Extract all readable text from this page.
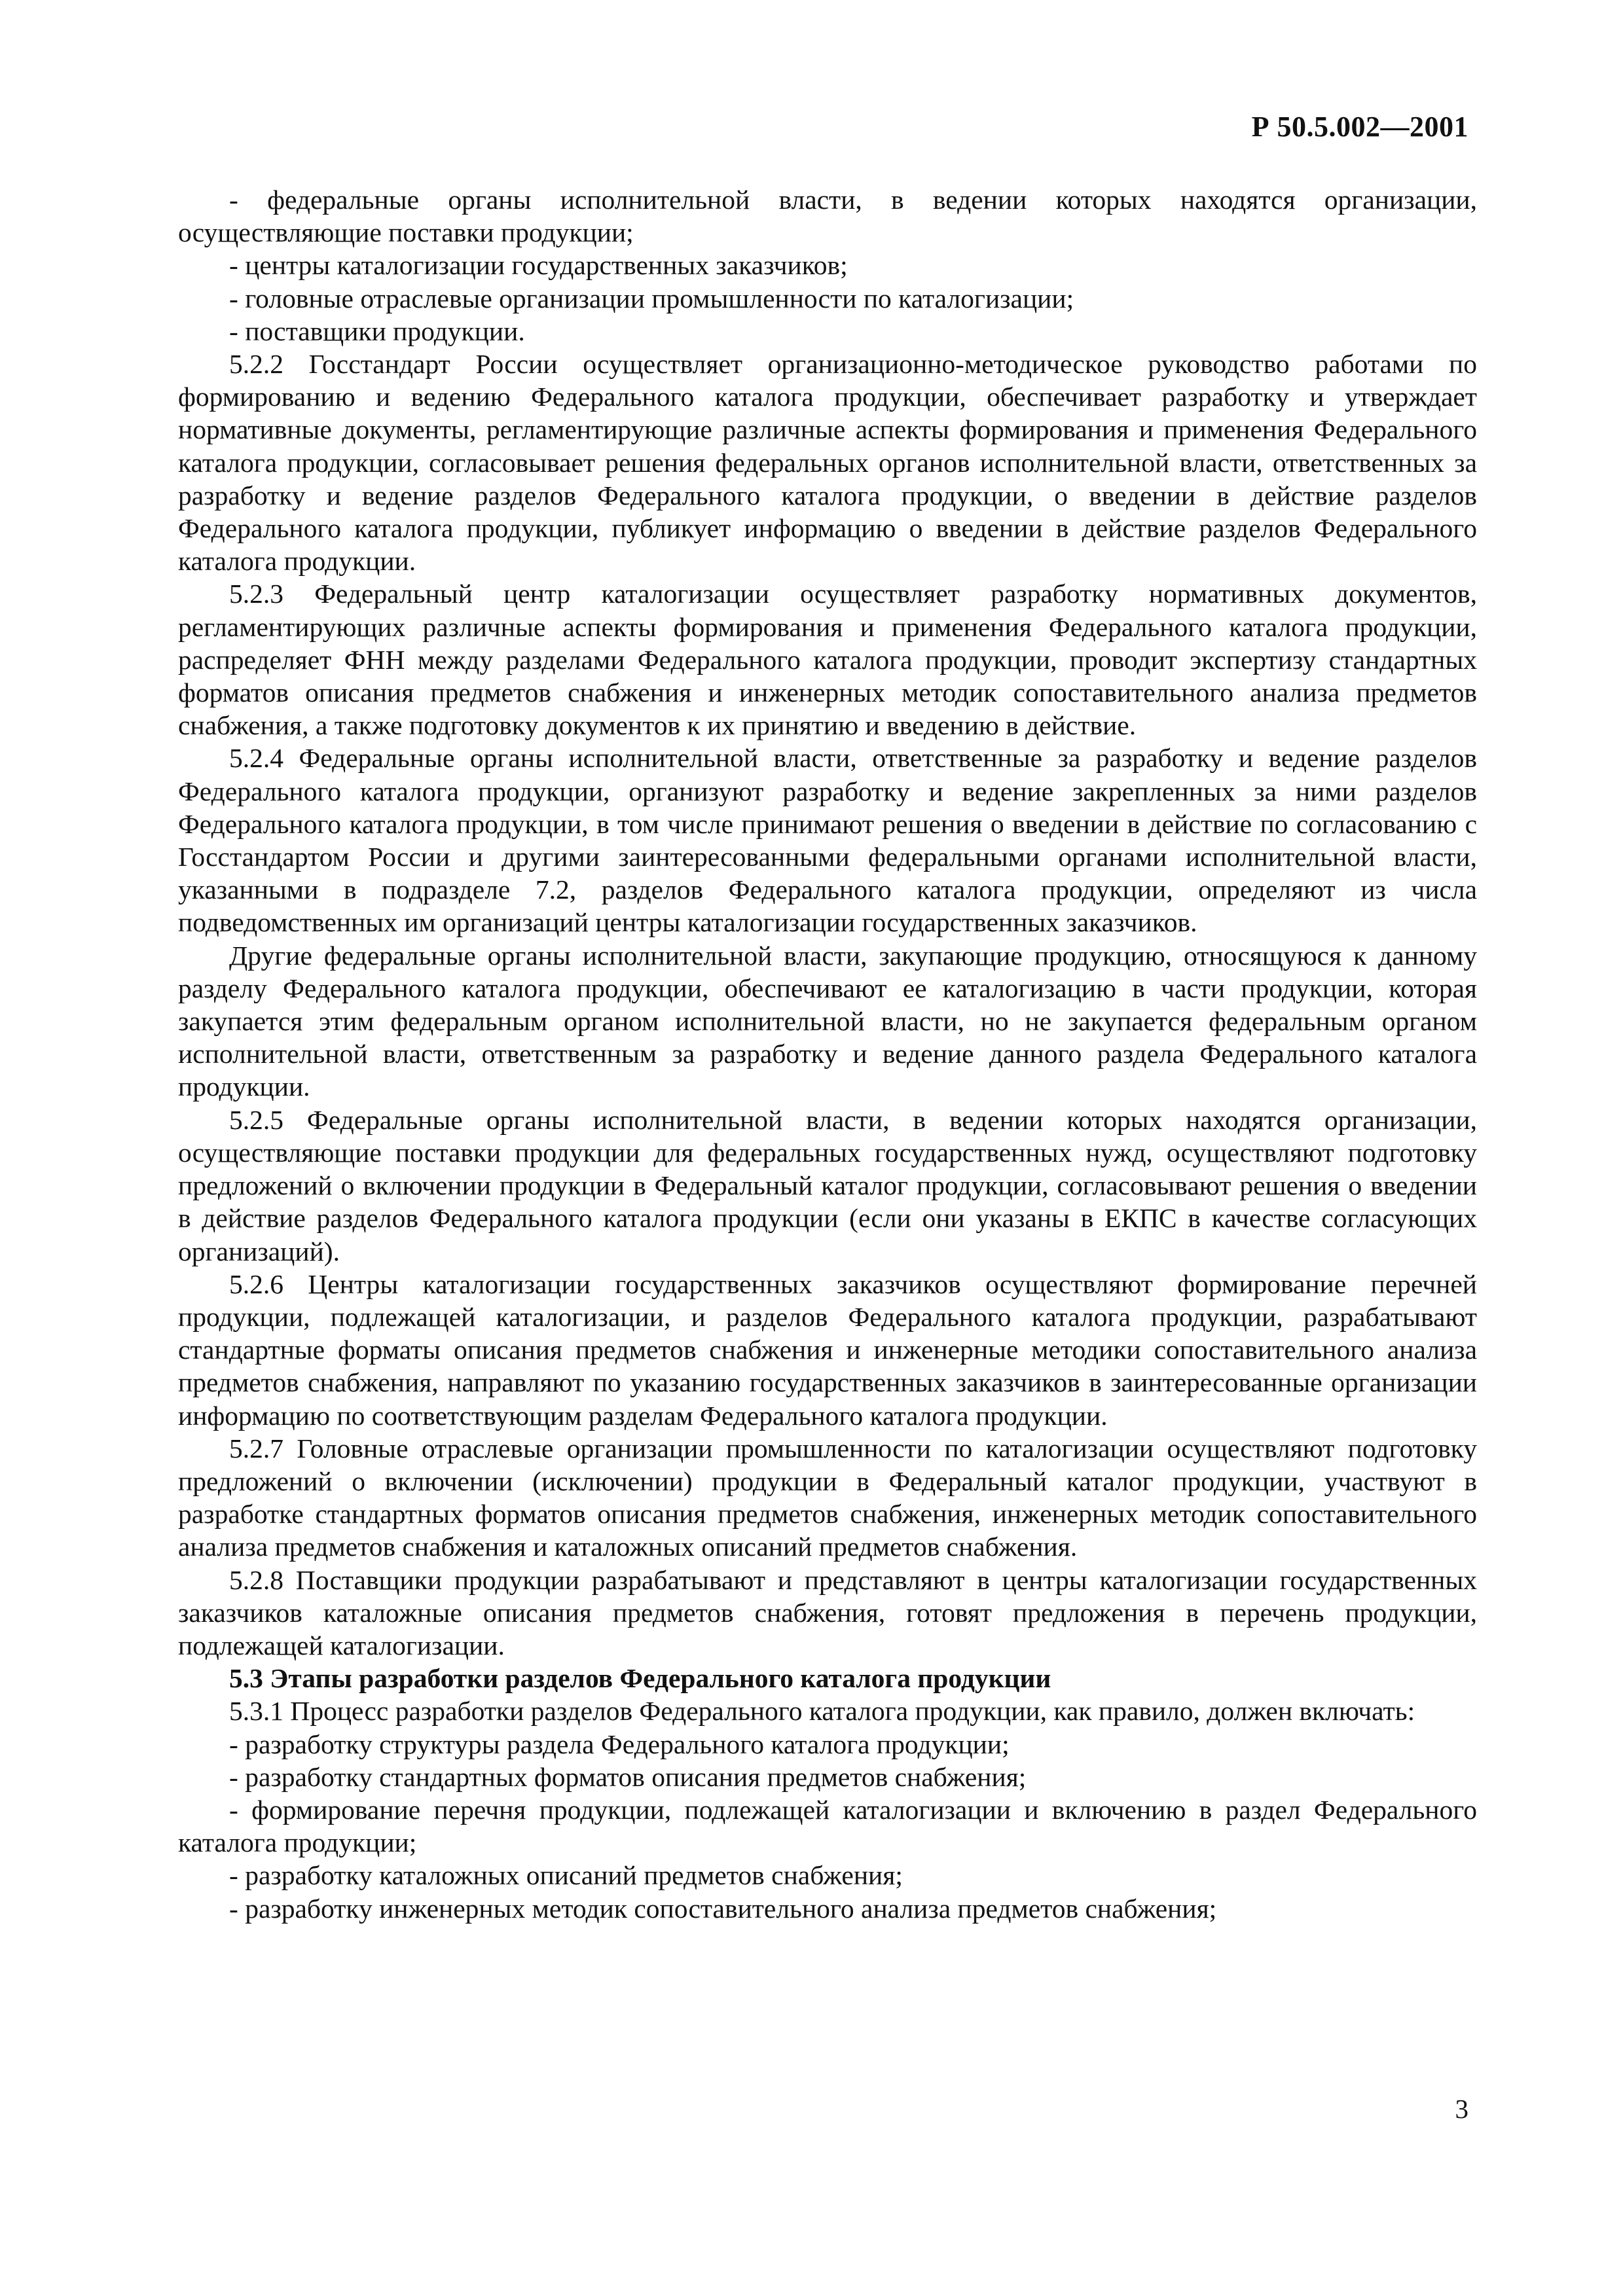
Р 50.5.002—2001

- федеральные органы исполнительной власти, в ведении которых находятся организации, осуществляющие поставки продукции;

- центры каталогизации государственных заказчиков;

- головные отраслевые организации промышленности по каталогизации;

- поставщики продукции.

5.2.2 Госстандарт России осуществляет организационно-методическое руководство работами по формированию и ведению Федерального каталога продукции, обеспечивает разработку и утверждает нормативные документы, регламентирующие различные аспекты формирования и применения Федерального каталога продукции, согласовывает решения федеральных органов исполнительной власти, ответственных за разработку и ведение разделов Федерального каталога продукции, о введении в действие разделов Федерального каталога продукции, публикует информацию о введении в действие разделов Федерального каталога продукции.

5.2.3 Федеральный центр каталогизации осуществляет разработку нормативных документов, регламентирующих различные аспекты формирования и применения Федерального каталога продукции, распределяет ФНН между разделами Федерального каталога продукции, проводит экспертизу стандартных форматов описания предметов снабжения и инженерных методик сопоставительного анализа предметов снабжения, а также подготовку документов к их принятию и введению в действие.

5.2.4 Федеральные органы исполнительной власти, ответственные за разработку и ведение разделов Федерального каталога продукции, организуют разработку и ведение закрепленных за ними разделов Федерального каталога продукции, в том числе принимают решения о введении в действие по согласованию с Госстандартом России и другими заинтересованными федеральными органами исполнительной власти, указанными в подразделе 7.2, разделов Федерального каталога продукции, определяют из числа подведомственных им организаций центры каталогизации государственных заказчиков.

Другие федеральные органы исполнительной власти, закупающие продукцию, относящуюся к данному разделу Федерального каталога продукции, обеспечивают ее каталогизацию в части продукции, которая закупается этим федеральным органом исполнительной власти, но не закупается федеральным органом исполнительной власти, ответственным за разработку и ведение данного раздела Федерального каталога продукции.

5.2.5 Федеральные органы исполнительной власти, в ведении которых находятся организации, осуществляющие поставки продукции для федеральных государственных нужд, осуществляют подготовку предложений о включении продукции в Федеральный каталог продукции, согласовывают решения о введении в действие разделов Федерального каталога продукции (если они указаны в ЕКПС в качестве согласующих организаций).

5.2.6 Центры каталогизации государственных заказчиков осуществляют формирование перечней продукции, подлежащей каталогизации, и разделов Федерального каталога продукции, разрабатывают стандартные форматы описания предметов снабжения и инженерные методики сопоставительного анализа предметов снабжения, направляют по указанию государственных заказчиков в заинтересованные организации информацию по соответствующим разделам Федерального каталога продукции.

5.2.7 Головные отраслевые организации промышленности по каталогизации осуществляют подготовку предложений о включении (исключении) продукции в Федеральный каталог продукции, участвуют в разработке стандартных форматов описания предметов снабжения, инженерных методик сопоставительного анализа предметов снабжения и каталожных описаний предметов снабжения.

5.2.8 Поставщики продукции разрабатывают и представляют в центры каталогизации государственных заказчиков каталожные описания предметов снабжения, готовят предложения в перечень продукции, подлежащей каталогизации.

5.3 Этапы разработки разделов Федерального каталога продукции

5.3.1 Процесс разработки разделов Федерального каталога продукции, как правило, должен включать:

- разработку структуры раздела Федерального каталога продукции;

- разработку стандартных форматов описания предметов снабжения;

- формирование перечня продукции, подлежащей каталогизации и включению в раздел Федерального каталога продукции;

- разработку каталожных описаний предметов снабжения;

- разработку инженерных методик сопоставительного анализа предметов снабжения;

3
